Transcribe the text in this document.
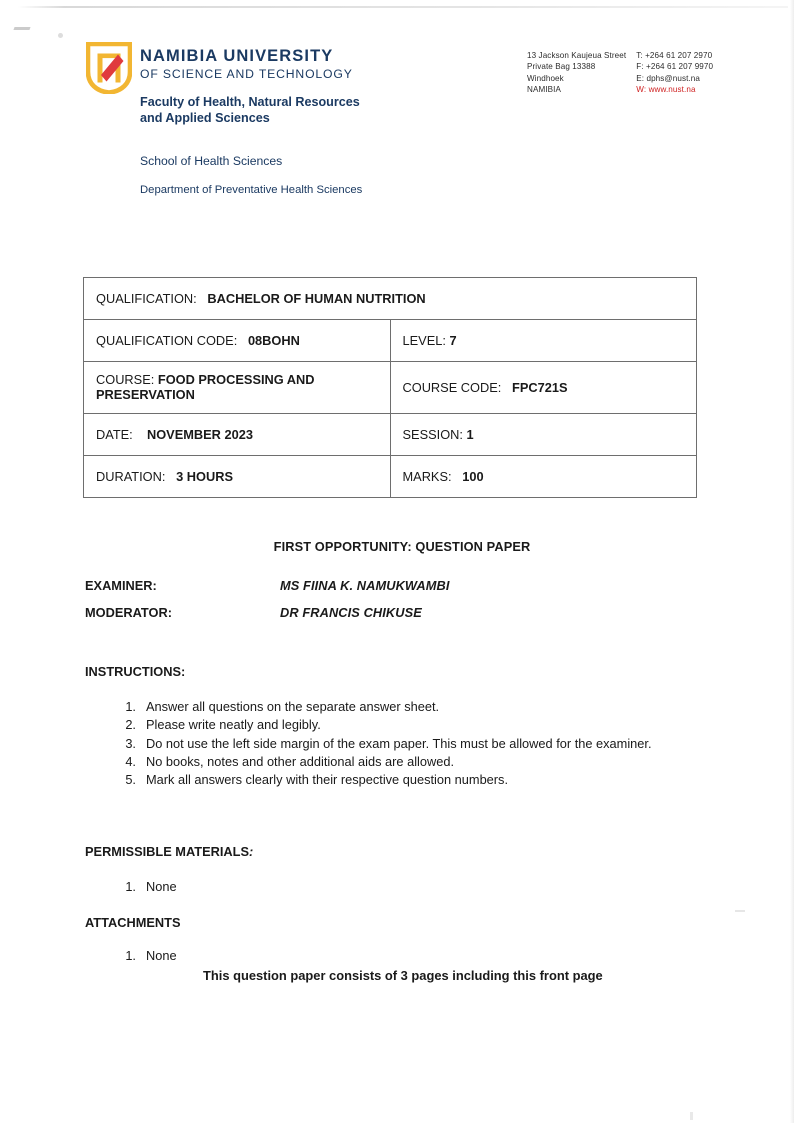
NAMIBIA UNIVERSITY
OF SCIENCE AND TECHNOLOGY
Faculty of Health, Natural Resources and Applied Sciences
School of Health Sciences
Department of Preventative Health Sciences
13 Jackson Kaujeua Street
Private Bag 13388
Windhoek
NAMIBIA
T: +264 61 207 2970
F: +264 61 207 9970
E: dphs@nust.na
W: www.nust.na
QUALIFICATION: BACHELOR OF HUMAN NUTRITION	
QUALIFICATION CODE: 08BOHN	LEVEL: 7
COURSE: FOOD PROCESSING AND PRESERVATION	COURSE CODE: FPC721S
DATE: NOVEMBER 2023	SESSION: 1
DURATION: 3 HOURS	MARKS: 100
FIRST OPPORTUNITY: QUESTION PAPER
EXAMINER:	MS FIINA K. NAMUKWAMBI
MODERATOR:	DR FRANCIS CHIKUSE
INSTRUCTIONS:
1. Answer all questions on the separate answer sheet.
2. Please write neatly and legibly.
3. Do not use the left side margin of the exam paper. This must be allowed for the examiner.
4. No books, notes and other additional aids are allowed.
5. Mark all answers clearly with their respective question numbers.
PERMISSIBLE MATERIALS:
1. None
ATTACHMENTS
1. None
This question paper consists of 3 pages including this front page
